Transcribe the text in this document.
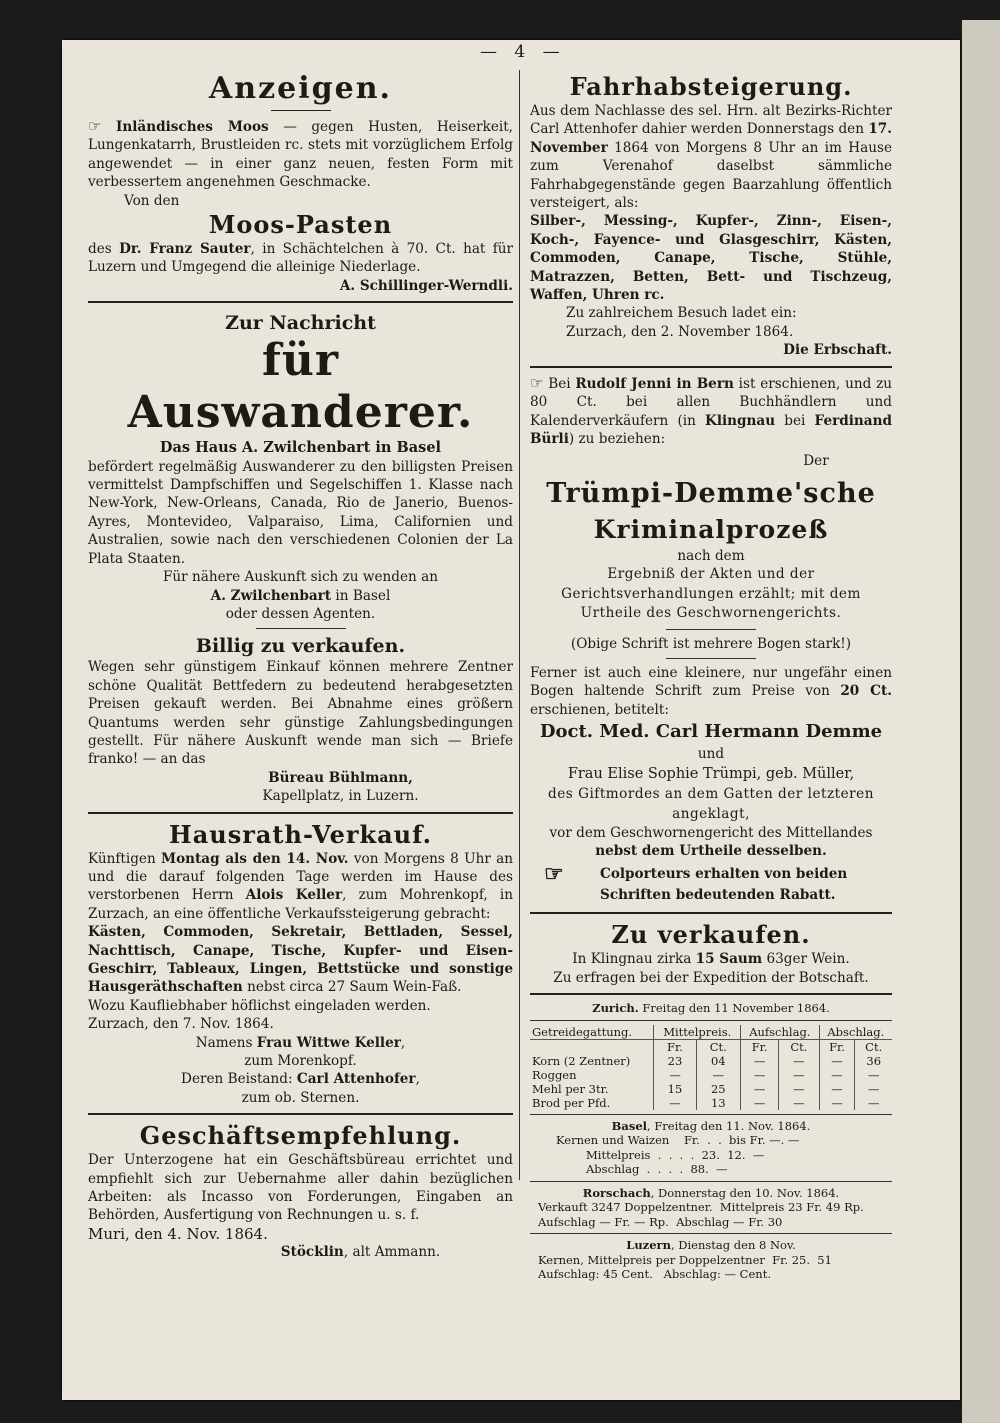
— 4 —
Anzeigen.

☞ Inländisches Moos — gegen Husten, Heiserkeit, Lungenkatarrh, Brustleiden rc. stets mit vorzüglichem Erfolg angewendet — in einer ganz neuen, festen Form mit verbessertem angenehmen Geschmacke.

Von den

Moos-Pasten

des Dr. Franz Sauter, in Schächtelchen à 70. Ct. hat für Luzern und Umgegend die alleinige Niederlage.

A. Schillinger-Werndli.

Zur Nachricht
für Auswanderer.

Das Haus A. Zwilchenbart in Basel

befördert regelmäßig Auswanderer zu den billigsten Preisen vermittelst Dampfschiffen und Segelschiffen 1. Klasse nach New-York, New-Orleans, Canada, Rio de Janerio, Buenos-Ayres, Montevideo, Valparaiso, Lima, Californien und Australien, sowie nach den verschiedenen Colonien der La Plata Staaten.

Für nähere Auskunft sich zu wenden an

A. Zwilchenbart in Basel

oder dessen Agenten.

Billig zu verkaufen.

Wegen sehr günstigem Einkauf können mehrere Zentner schöne Qualität Bettfedern zu bedeutend herabgesetzten Preisen gekauft werden. Bei Abnahme eines größern Quantums werden sehr günstige Zahlungsbedingungen gestellt. Für nähere Auskunft wende man sich — Briefe franko! — an das

Büreau Bühlmann,

Kapellplatz, in Luzern.

Hausrath-Verkauf.

Künftigen Montag als den 14. Nov. von Morgens 8 Uhr an und die darauf folgenden Tage werden im Hause des verstorbenen Herrn Alois Keller, zum Mohrenkopf, in Zurzach, an eine öffentliche Verkaufssteigerung gebracht:

Kästen, Commoden, Sekretair, Bettladen, Sessel, Nachttisch, Canape, Tische, Kupfer- und Eisen-Geschirr, Tableaux, Lingen, Bettstücke und sonstige Hausgeräthschaften nebst circa 27 Saum Wein-Faß.

Wozu Kaufliebhaber höflichst eingeladen werden.

Zurzach, den 7. Nov. 1864.

Namens Frau Wittwe Keller,

zum Morenkopf.

Deren Beistand: Carl Attenhofer,

zum ob. Sternen.

Geschäftsempfehlung.

Der Unterzogene hat ein Geschäftsbüreau errichtet und empfiehlt sich zur Uebernahme aller dahin bezüglichen Arbeiten: als Incasso von Forderungen, Eingaben an Behörden, Ausfertigung von Rechnungen u. s. f.

Muri, den 4. Nov. 1864.

Stöcklin, alt Ammann.

Fahrhabsteigerung.

Aus dem Nachlasse des sel. Hrn. alt Bezirks-Richter Carl Attenhofer dahier werden Donnerstags den 17. November 1864 von Morgens 8 Uhr an im Hause zum Verenahof daselbst sämmliche Fahrhabgegenstände gegen Baarzahlung öffentlich versteigert, als:

Silber-, Messing-, Kupfer-, Zinn-, Eisen-, Koch-, Fayence- und Glasgeschirr, Kästen, Commoden, Canape, Tische, Stühle, Matrazzen, Betten, Bett- und Tischzeug, Waffen, Uhren rc.

Zu zahlreichem Besuch ladet ein:

Zurzach, den 2. November 1864.

Die Erbschaft.

☞ Bei Rudolf Jenni in Bern ist erschienen, und zu 80 Ct. bei allen Buchhändlern und Kalenderverkäufern (in Klingnau bei Ferdinand Bürli) zu beziehen:

Der

Trümpi-Demme'sche
Kriminalprozeß

nach dem

Ergebniß der Akten und der Gerichtsverhandlungen erzählt; mit dem Urtheile des Geschwornengerichts.

(Obige Schrift ist mehrere Bogen stark!)

Ferner ist auch eine kleinere, nur ungefähr einen Bogen haltende Schrift zum Preise von 20 Ct. erschienen, betitelt:

Doct. Med. Carl Hermann Demme

und

Frau Elise Sophie Trümpi, geb. Müller,

des Giftmordes an dem Gatten der letzteren angeklagt,

vor dem Geschwornengericht des Mittellandes

nebst dem Urtheile desselben.

☞	Colporteurs erhalten von beiden Schriften bedeutenden Rabatt.

Zu verkaufen.

In Klingnau zirka 15 Saum 63ger Wein.

Zu erfragen bei der Expedition der Botschaft.

Zurich. Freitag den 11 November 1864.

Getreidegattung.	Mittelpreis.		Aufschlag.		Abschlag.	
	Fr.	Ct.	Fr.	Ct.	Fr.	Ct.
Korn (2 Zentner)	23	04	—	—	—	36
Roggen	—	—	—	—	—	—
Mehl per 3tr.	15	25	—	—	—	—
Brod per Pfd.	—	13	—	—	—	—

Basel, Freitag den 11. Nov. 1864.

Kernen und Waizen    Fr.  .  .  bis Fr. —. —

Mittelpreis  .  .  .  .  23.  12.  —

Abschlag  .  .  .  .  88.  —

Rorschach, Donnerstag den 10. Nov. 1864.

Verkauft 3247 Doppelzentner.  Mittelpreis 23 Fr. 49 Rp.

Aufschlag — Fr. — Rp.  Abschlag — Fr. 30

Luzern, Dienstag den 8 Nov.

Kernen, Mittelpreis per Doppelzentner  Fr. 25.  51

Aufschlag: 45 Cent.   Abschlag: — Cent.
